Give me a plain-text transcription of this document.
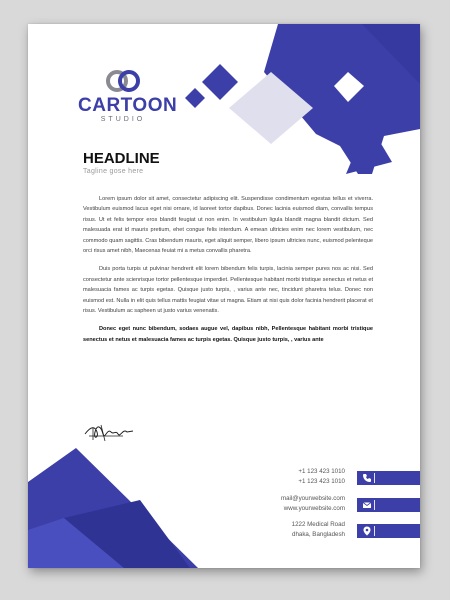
CARTOON
STUDIO
HEADLINE
Tagline gose here

Lorem ipsum dolor sit amet, consectetur adipiscing elit. Suspendisse condimentum egestas tellus et viverra. Vestibulum euismod lacus eget nisi ornare, id laoreet tortor dapibus. Donec lacinia euismod diam, convallis tempus risus. Ut et felis tempor eros blandit feugiat ut non enim. In vestibulum ligula blandit magna blandit dictum. Sed malesuada erat id mauris pretium, ehet congue felis interdum. A emean ultricies enim nec lorem vestibulum, nec commodo quam sagittis. Cras bibendum mauris, eget aliquit semper, libero ipsum ultricies nunc, euismod pelenteque orci risus amet nibh, Maecenas feuiat mi a metus convallis pharetra.

Duis porta turpis ut pulvinar hendrerit elit lorem bibendum felis turpis, lacinia semper pures nos ac nisi. Sed consectetur ante scienrisque tortor pellentesque imperdiet. Pellentesque habitant morbi tristique senectus et netus et malesuacia fames ac turpis egetas. Quisque justo turpis, , varius ante nec, tincidunt pharetra telus. Donec non euismod est. Nulla in elit quis tellus mattis feugiat vitae ut magna. Etiam at nisi quis dolor facinia hendrerit placerat et risus. Vestibulum ac sapheen ut justo varius venenatis.

Donec eget nunc bibendum, sodaes augue vel, dapibus nibh, Pellentesque habitant morbi tristique senectus et netus et malesuacia fames ac turpis egetas. Quisque justo turpis, , varius ante

+1 123 423 1010
+1 123 423 1010
mail@yourwebsite.com
www.yourwebsite.com
1222 Medical Road
dhaka, Bangladesh
